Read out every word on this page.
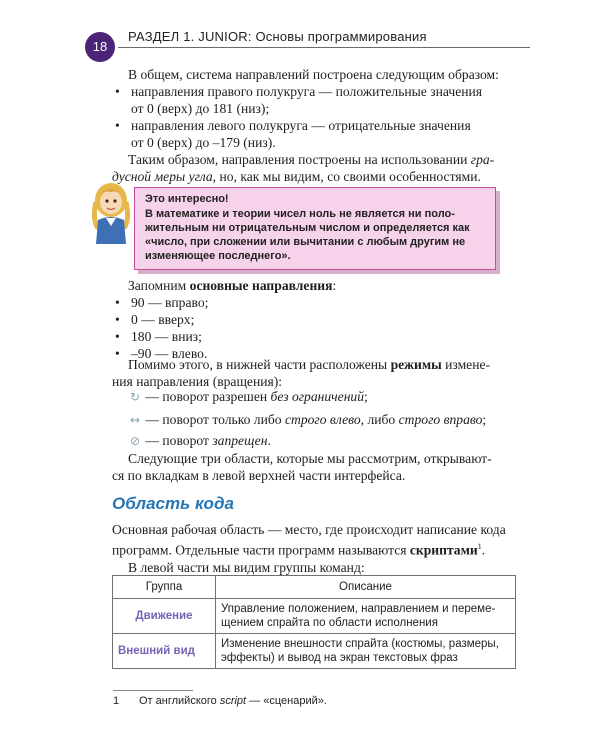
18
РАЗДЕЛ 1. JUNIOR: Основы программирования
В общем, система направлений построена следующим образом:
• направления правого полукруга — положительные значения
от 0 (верх) до 181 (низ);
• направления левого полукруга — отрицательные значения
от 0 (верх) до –179 (низ).
Таким образом, направления построены на использовании гра-
дусной меры угла, но, как мы видим, со своими особенностями.
Это интересно!
В математике и теории чисел ноль не является ни поло-
жительным ни отрицательным числом и определяется как
«число, при сложении или вычитании с любым другим не
изменяющее последнего».
Запомним основные направления:
• 90 — вправо;
• 0 — вверх;
• 180 — вниз;
• –90 — влево.
Помимо этого, в нижней части расположены режимы измене-
ния направления (вращения):
↻ — поворот разрешен без ограничений;
↔ — поворот только либо строго влево, либо строго вправо;
⊘ — поворот запрещен.
Следующие три области, которые мы рассмотрим, открывают-
ся по вкладкам в левой верхней части интерфейса.
Область кода
Основная рабочая область — место, где происходит написание кода
программ. Отдельные части программ называются скриптами$^1$.
В левой части мы видим группы команд:
Группа	Описание
Движение	Управление положением, направлением и переме-
щением спрайта по области исполнения

Внешний вид	Изменение внешности спрайта (костюмы, размеры,
эффекты) и вывод на экран текстовых фраз
1 От английского script — «сценарий».
